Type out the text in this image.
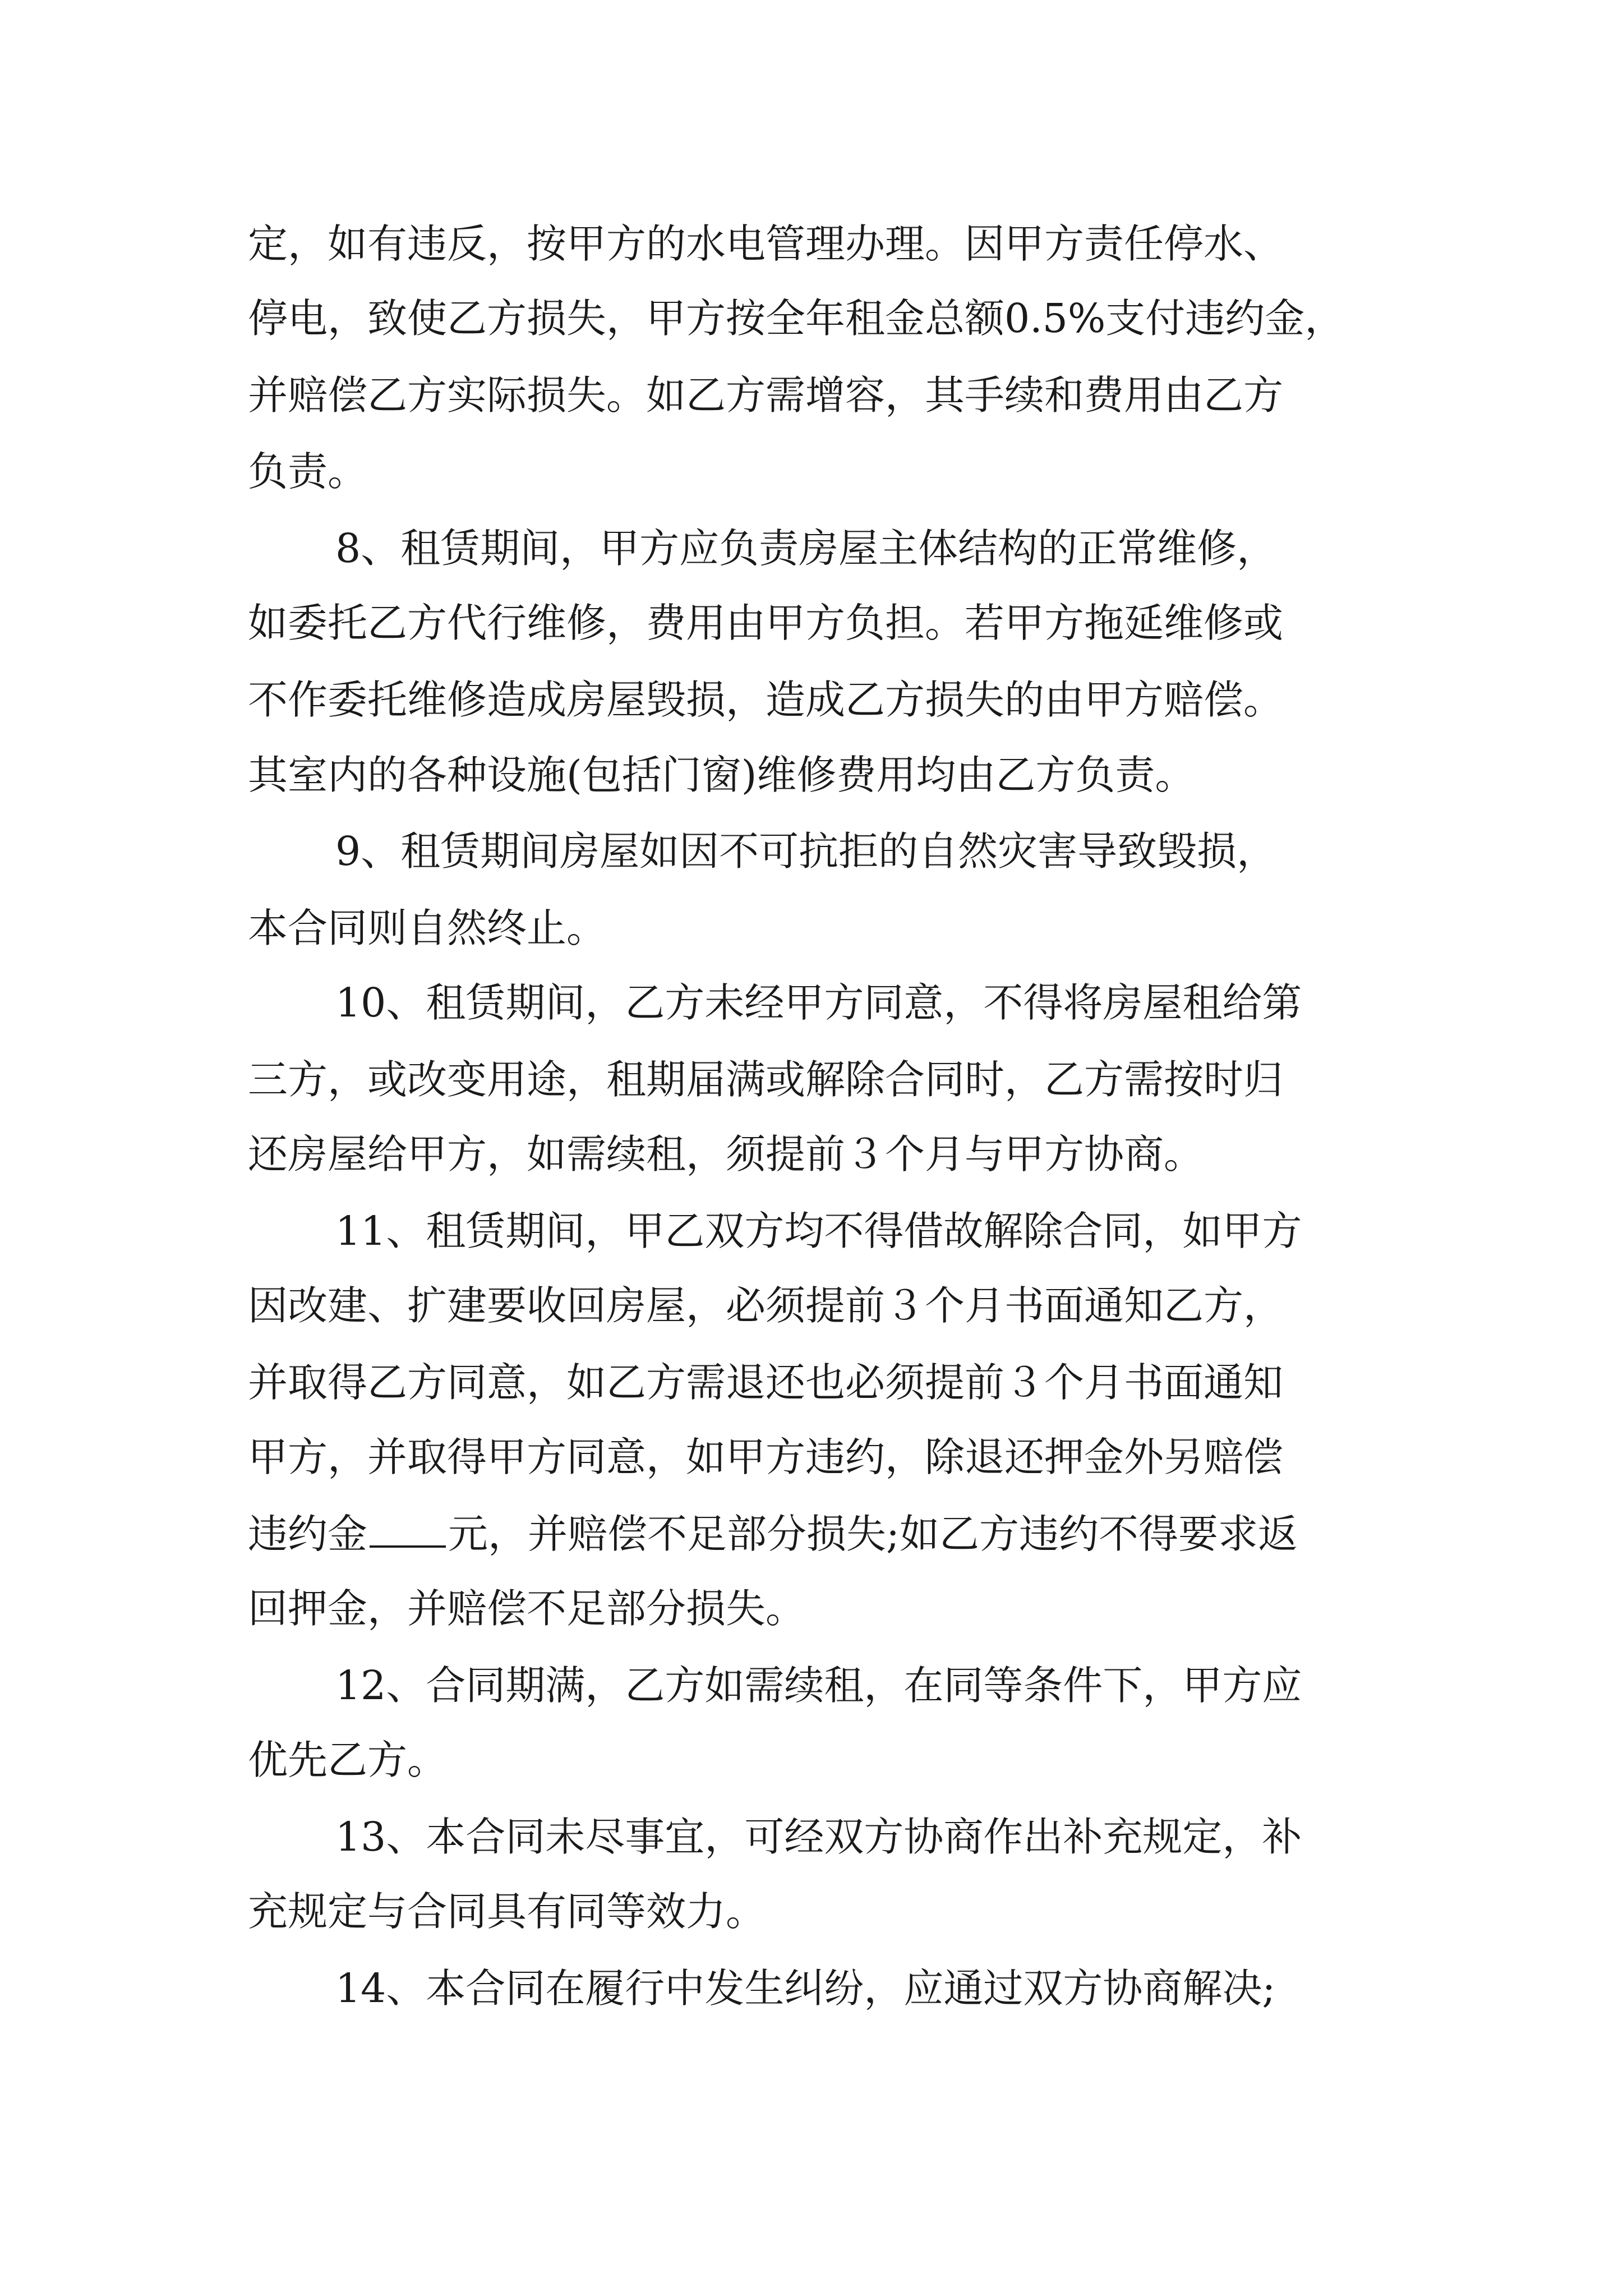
定，如有违反，按甲方的水电管理办理。因甲方责任停水、
停电，致使乙方损失，甲方按全年租金总额0.5%支付违约金，
并赔偿乙方实际损失。如乙方需增容，其手续和费用由乙方
负责。
8、租赁期间，甲方应负责房屋主体结构的正常维修，
如委托乙方代行维修，费用由甲方负担。若甲方拖延维修或
不作委托维修造成房屋毁损，造成乙方损失的由甲方赔偿。
其室内的各种设施(包括门窗)维修费用均由乙方负责。
9、租赁期间房屋如因不可抗拒的自然灾害导致毁损，
本合同则自然终止。
10、租赁期间，乙方未经甲方同意，不得将房屋租给第
三方，或改变用途，租期届满或解除合同时，乙方需按时归
还房屋给甲方，如需续租，须提前３个月与甲方协商。
11、租赁期间，甲乙双方均不得借故解除合同，如甲方
因改建、扩建要收回房屋，必须提前３个月书面通知乙方，
并取得乙方同意，如乙方需退还也必须提前３个月书面通知
甲方，并取得甲方同意，如甲方违约，除退还押金外另赔偿
违约金 元，并赔偿不足部分损失;如乙方违约不得要求返
回押金，并赔偿不足部分损失。
12、合同期满，乙方如需续租，在同等条件下，甲方应
优先乙方。
13、本合同未尽事宜，可经双方协商作出补充规定，补
充规定与合同具有同等效力。
14、本合同在履行中发生纠纷，应通过双方协商解决;
